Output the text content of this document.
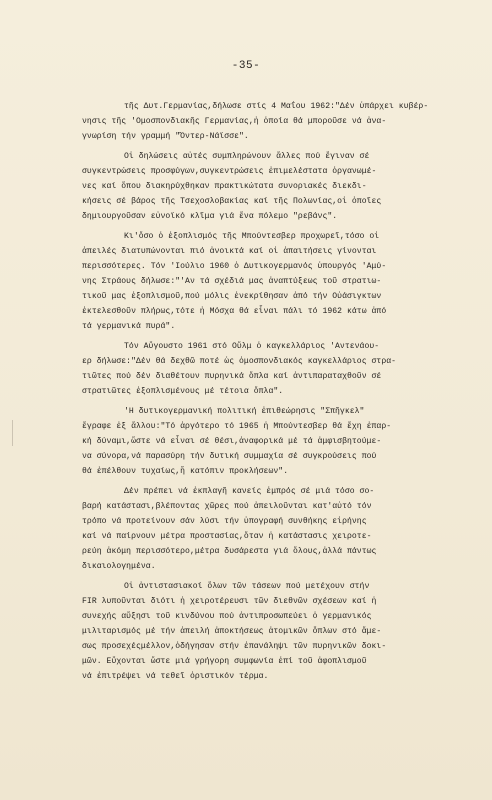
-35-
τῆς Δυτ.Γερμανίας,δήλωσε στίς 4 Μαΐου 1962:"Δέν ὑπάρχει κυβέρ-
νησις τῆς 'Ομοσπονδιακῆς Γερμανίας,ἡ ὁποία θά μποροῦσε νά ἀνα-
γνωρίση τήν γραμμή "Ὄντερ-Νάϊσσε".
Οἱ δηλώσεις αὐτές συμπληρώνουν ἄλλες πού ἔγιναν σέ
συγκεντρώσεις προσφύγων,συγκεντρώσεις ἐπιμελέστατα ὀργανωμέ-
νες καί ὅπου διακηρύχθηκαν πρακτικώτατα συνοριακές διεκδι-
κήσεις σέ βάρος τῆς Τσεχοσλοβακίας καί τῆς Πολωνίας,οἱ ὁποῖες
δημιουργοῦσαν εὐνοϊκό κλῖμα γιά ἕνα πόλεμο "ρεβάνς".
Κι'ὅσο ὁ ἐξοπλισμός τῆς Μπούντεσβερ προχωρεῖ,τόσο οἱ
ἀπειλές διατυπώνονται πιό ἀνοικτά καί οἱ ἀπαιτήσεις γίνονται
περισσότερες. Τόν 'Ιούλιο 1960 ὁ Δυτικογερμανός ὑπουργός 'Αμύ-
νης Στράους δήλωσε:"'Αν τά σχέδιά μας ἀναπτύξεως τοῦ στρατιω-
τικοῦ μας ἐξοπλισμοῦ,πού μόλις ἐνεκρίθησαν ἀπό τήν Οὐάσιγκτων
ἐκτελεσθοῦν πλήρως,τότε ἡ Μόσχα θά εἶναι πάλι τό 1962 κάτω ἀπό
τά γερμανικά πυρά".
Τόν Αὔγουστο 1961 στό Οὔλμ ὁ καγκελλάριος 'Αντενάου-
ερ δήλωσε:"Δέν θά δεχθῶ ποτέ ὡς ὁμοσπονδιακός καγκελλάριος στρα-
τιῶτες πού δέν διαθέτουν πυρηνικά ὅπλα καί ἀντιπαραταχθοῦν σέ
στρατιῶτες ἐξοπλισμένους μέ τέτοια ὅπλα".
'Η δυτικογερμανική πολιτική ἐπιθεώρησις "Σπῆγκελ"
ἔγραφε ἐξ ἄλλου:"Τό ἀργότερο τό 1965 ἡ Μπούντεσβερ θά ἔχη ἐπαρ-
κή δύναμι,ὥστε νά εἶναι σέ θέσι,ἀναφορικά μέ τά ἀμφισβητούμε-
να σύνορα,νά παρασύρη τήν δυτική συμμαχία σέ συγκρούσεις πού
θά ἐπέλθουν τυχαίως,ἤ κατόπιν προκλήσεων".
Δέν πρέπει νά ἐκπλαγῆ κανείς ἐμπρός σέ μιά τόσο σο-
βαρή κατάστασι,βλέποντας χῶρες πού ἀπειλοῦνται κατ'αὐτό τόν
τρόπο νά προτείνουν σάν λύσι τήν ὑπογραφή συνθήκης εἰρήνης
καί νά παίρνουν μέτρα προστασίας,ὅταν ἡ κατάστασις χειροτε-
ρεύη ἀκόμη περισσότερο,μέτρα δυσάρεστα γιά ὅλους,ἀλλά πάντως
δικαιολογημένα.
Οἱ ἀντιστασιακοί ὅλων τῶν τάσεων πού μετέχουν στήν
FIR λυποῦνται διότι ἡ χειροτέρευσι τῶν διεθνῶν σχέσεων καί ἡ
συνεχής αὔξησι τοῦ κινδύνου πού ἀντιπροσωπεύει ὁ γερμανικός
μιλιταρισμός μέ τήν ἀπειλή ἀποκτήσεως ἀτομικῶν ὅπλων στό ἄμε-
σως προσεχέςμέλλον,ὁδήγησαν στήν ἐπανάληψι τῶν πυρηνικῶν δοκι-
μῶν. Εὔχονται ὥστε μιά γρήγορη συμφωνία ἐπί τοῦ ἀφοπλισμοῦ
νά ἐπιτρέψει νά τεθεῖ ὁριστικόν τέρμα.
